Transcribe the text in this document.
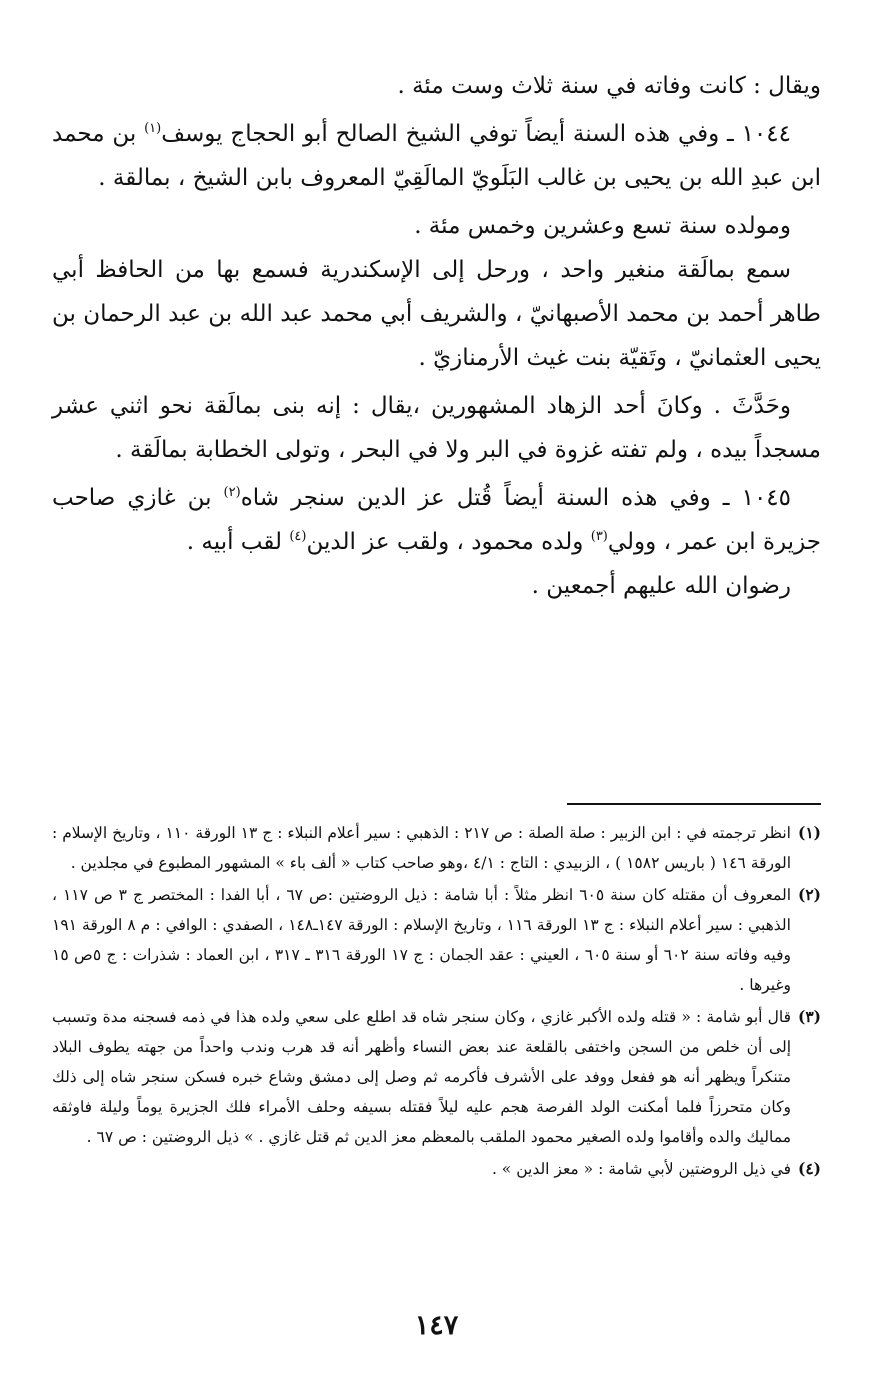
ويقال : كانت وفاته في سنة ثلاث وست مئة .

١٠٤٤ ـ وفي هذه السنة أيضاً توفي الشيخ الصالح أبو الحجاج يوسف$^{(١)}$ بن محمد ابن عبدِ الله بن يحيى بن غالب البَلَويّ المالَقِيّ المعروف بابن الشيخ ، بمالقة .

ومولده سنة تسع وعشرين وخمس مئة .

سمع بمالَقة منغير واحد ، ورحل إلى الإسكندرية فسمع بها من الحافظ أبي طاهر أحمد بن محمد الأصبهانيّ ، والشريف أبي محمد عبد الله بن عبد الرحمان بن يحيى العثمانيّ ، وتَقيّة بنت غيث الأرمنازيّ .

وحَدَّثَ . وكانَ أحد الزهاد المشهورين ،يقال : إنه بنى بمالَقة نحو اثني عشر مسجداً بيده ، ولم تفته غزوة في البر ولا في البحر ، وتولى الخطابة بمالَقة .

١٠٤٥ ـ وفي هذه السنة أيضاً قُتل عز الدين سنجر شاه$^{(٢)}$ بن غازي صاحب جزيرة ابن عمر ، وولي$^{(٣)}$ ولده محمود ، ولقب عز الدين$^{(٤)}$ لقب أبيه .

رضوان الله عليهم أجمعين .

(١)
انظر ترجمته في : ابن الزبير : صلة الصلة : ص ٢١٧ : الذهبي : سير أعلام النبلاء : ج ١٣ الورقة ١١٠ ، وتاريخ الإسلام : الورقة ١٤٦ ( باريس ١٥٨٢ ) ، الزبيدي : التاج : ٤/١ ،وهو صاحب كتاب « ألف باء » المشهور المطبوع في مجلدين .
(٢)
المعروف أن مقتله كان سنة ٦٠٥ انظر مثلاً : أبا شامة : ذيل الروضتين :ص ٦٧ ، أبا الفدا : المختصر ج ٣ ص ١١٧ ، الذهبي : سير أعلام النبلاء : ج ١٣ الورقة ١١٦ ، وتاريخ الإسلام : الورقة ١٤٧ـ١٤٨ ، الصفدي : الوافي : م ٨ الورقة ١٩١ وفيه وفاته سنة ٦٠٢ أو سنة ٦٠٥ ، العيني : عقد الجمان : ج ١٧ الورقة ٣١٦ ـ ٣١٧ ، ابن العماد : شذرات : ج ٥ص ١٥ وغيرها .
(٣)
قال أبو شامة : « قتله ولده الأكبر غازي ، وكان سنجر شاه قد اطلع على سعي ولده هذا في ذمه فسجنه مدة وتسبب إلى أن خلص من السجن واختفى بالقلعة عند بعض النساء وأظهر أنه قد هرب وندب واحداً من جهته يطوف البلاد متنكراً ويظهر أنه هو ففعل ووفد على الأشرف فأكرمه ثم وصل إلى دمشق وشاع خبره فسكن سنجر شاه إلى ذلك وكان متحرزاً فلما أمكنت الولد الفرصة هجم عليه ليلاً فقتله بسيفه وحلف الأمراء فلك الجزيرة يوماً وليلة فاوثقه مماليك والده وأقاموا ولده الصغير محمود الملقب بالمعظم معز الدين ثم قتل غازي . » ذيل الروضتين : ص ٦٧ .
(٤)
في ذيل الروضتين لأبي شامة : « معز الدين » .
١٤٧
